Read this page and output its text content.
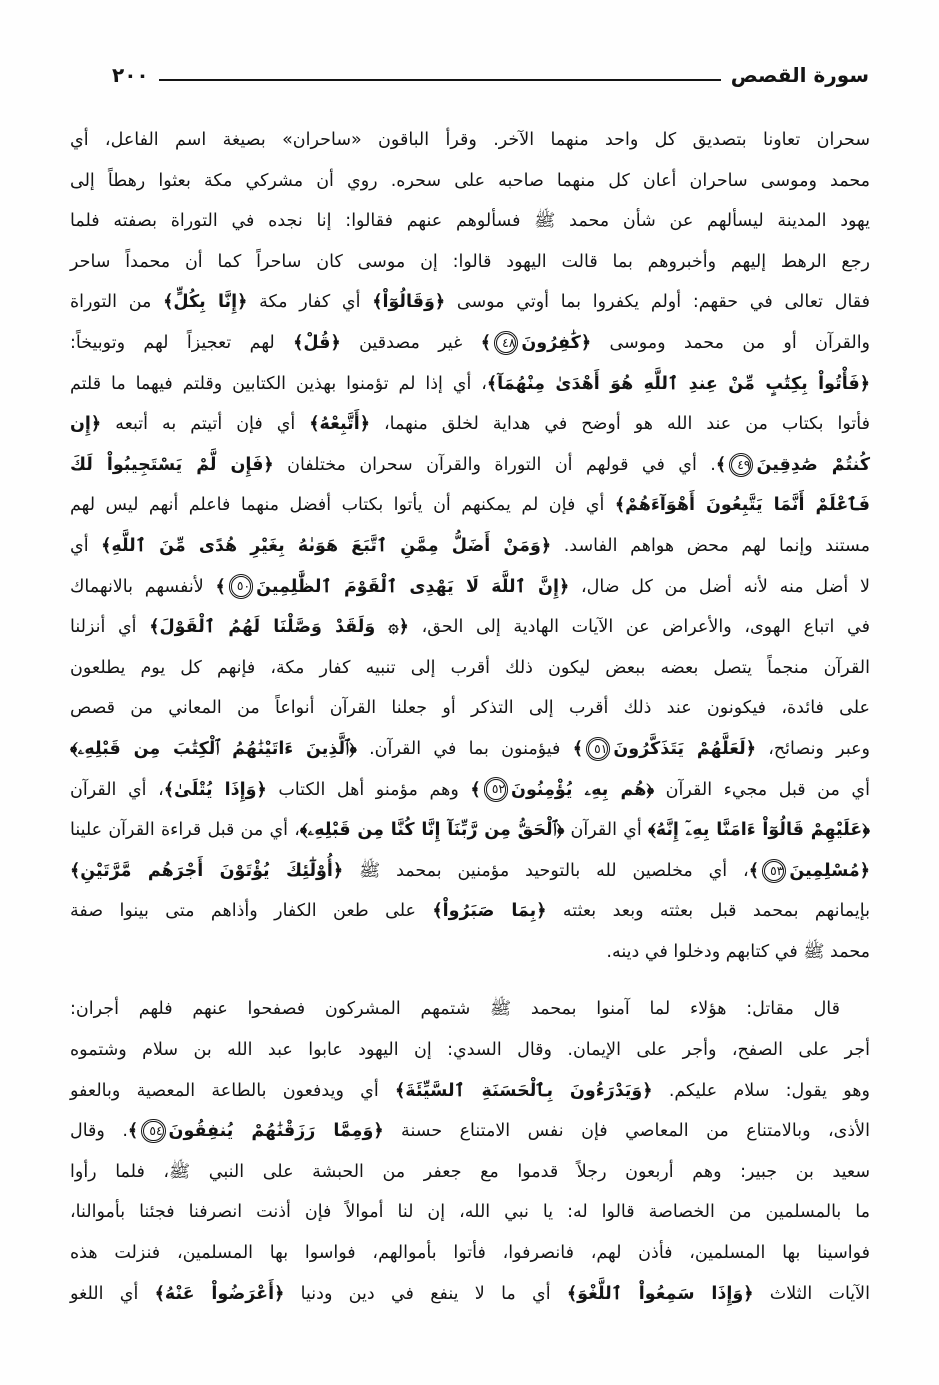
سورة القصص
٢٠٠
سحران تعاونا بتصديق كل واحد منهما الآخر. وقرأ الباقون «ساحران» بصيغة اسم الفاعل، أي
محمد وموسى ساحران أعان كل منهما صاحبه على سحره. روي أن مشركي مكة بعثوا رهطاً إلى
يهود المدينة ليسألهم عن شأن محمد ﷺ فسألوهم عنهم فقالوا: إنا نجده في التوراة بصفته فلما
رجع الرهط إليهم وأخبروهم بما قالت اليهود قالوا: إن موسى كان ساحراً كما أن محمداً ساحر
فقال تعالى في حقهم: أولم يكفروا بما أوتي موسى ﴿وَقَالُوٓاْ﴾ أي كفار مكة ﴿إِنَّا بِكُلٍّ﴾ من التوراة
والقرآن أو من محمد وموسى ﴿كَٰفِرُونَ٤٨﴾ غير مصدقين ﴿قُلْ﴾ لهم تعجيزاً لهم وتوبيخاً:
﴿فَأْتُواْ بِكِتَٰبٍ مِّنْ عِندِ ٱللَّهِ هُوَ أَهْدَىٰ مِنْهُمَآ﴾، أي إذا لم تؤمنوا بهذين الكتابين وقلتم فيهما ما قلتم
فأتوا بكتاب من عند الله هو أوضح في هداية لخلق منهما، ﴿أَتَّبِعْهُ﴾ أي فإن أتيتم به أتبعه ﴿إِن
كُنتُمْ صَٰدِقِينَ٤٩﴾. أي في قولهم أن التوراة والقرآن سحران مختلفان ﴿فَإِن لَّمْ يَسْتَجِيبُواْ لَكَ
فَٱعْلَمْ أَنَّمَا يَتَّبِعُونَ أَهْوَآءَهُمْ﴾ أي فإن لم يمكنهم أن يأتوا بكتاب أفضل منهما فاعلم أنهم ليس لهم
مستند وإنما لهم محض هواهم الفاسد. ﴿وَمَنْ أَضَلُّ مِمَّنِ ٱتَّبَعَ هَوَىٰهُ بِغَيْرِ هُدًى مِّنَ ٱللَّهِ﴾ أي
لا أضل منه لأنه أضل من كل ضال، ﴿إِنَّ ٱللَّهَ لَا يَهْدِى ٱلْقَوْمَ ٱلظَّٰلِمِينَ٥٠﴾ لأنفسهم بالانهماك
في اتباع الهوى، والأعراض عن الآيات الهادية إلى الحق، ﴿۞ وَلَقَدْ وَصَّلْنَا لَهُمُ ٱلْقَوْلَ﴾ أي أنزلنا
القرآن منجماً يتصل بعضه ببعض ليكون ذلك أقرب إلى تنبيه كفار مكة، فإنهم كل يوم يطلعون
على فائدة، فيكونون عند ذلك أقرب إلى التذكر أو جعلنا القرآن أنواعاً من المعاني من قصص
وعبر ونصائح، ﴿لَعَلَّهُمْ يَتَذَكَّرُونَ٥١﴾ فيؤمنون بما في القرآن. ﴿ٱلَّذِينَ ءَاتَيْنَٰهُمُ ٱلْكِتَٰبَ مِن قَبْلِهِۦ﴾
أي من قبل مجيء القرآن ﴿هُم بِهِۦ يُؤْمِنُونَ٥٢﴾ وهم مؤمنو أهل الكتاب ﴿وَإِذَا يُتْلَىٰ﴾، أي القرآن
﴿عَلَيْهِمْ قَالُوٓاْ ءَامَنَّا بِهِۦٓ إِنَّهُ﴾ أي القرآن ﴿ٱلْحَقُّ مِن رَّبِّنَآ إِنَّا كُنَّا مِن قَبْلِهِۦ﴾، أي من قبل قراءة القرآن علينا
﴿مُسْلِمِينَ٥٣﴾، أي مخلصين لله بالتوحيد مؤمنين بمحمد ﷺ ﴿أُوْلَٰٓئِكَ يُؤْتَوْنَ أَجْرَهُم مَّرَّتَيْنِ﴾
بإيمانهم بمحمد قبل بعثته وبعد بعثته ﴿بِمَا صَبَرُواْ﴾ على طعن الكفار وأذاهم متى بينوا صفة
محمد ﷺ في كتابهم ودخلوا في دينه.
قال مقاتل: هؤلاء لما آمنوا بمحمد ﷺ شتمهم المشركون فصفحوا عنهم فلهم أجران:
أجر على الصفح، وأجر على الإيمان. وقال السدي: إن اليهود عابوا عبد الله بن سلام وشتموه
وهو يقول: سلام عليكم. ﴿وَيَدْرَءُونَ بِٱلْحَسَنَةِ ٱلسَّيِّئَةَ﴾ أي ويدفعون بالطاعة المعصية وبالعفو
الأذى، وبالامتناع من المعاصي فإن نفس الامتناع حسنة ﴿وَمِمَّا رَزَقْنَٰهُمْ يُنفِقُونَ٥٤﴾. وقال
سعيد بن جبير: وهم أربعون رجلاً قدموا مع جعفر من الحبشة على النبي ﷺ، فلما رأوا
ما بالمسلمين من الخصاصة قالوا له: يا نبي الله، إن لنا أموالاً فإن أذنت انصرفنا فجئنا بأموالنا،
فواسينا بها المسلمين، فأذن لهم، فانصرفوا، فأتوا بأموالهم، فواسوا بها المسلمين، فنزلت هذه
الآيات الثلاث ﴿وَإِذَا سَمِعُواْ ٱللَّغْوَ﴾ أي ما لا ينفع في دين ودنيا ﴿أَعْرَضُواْ عَنْهُ﴾ أي اللغو
